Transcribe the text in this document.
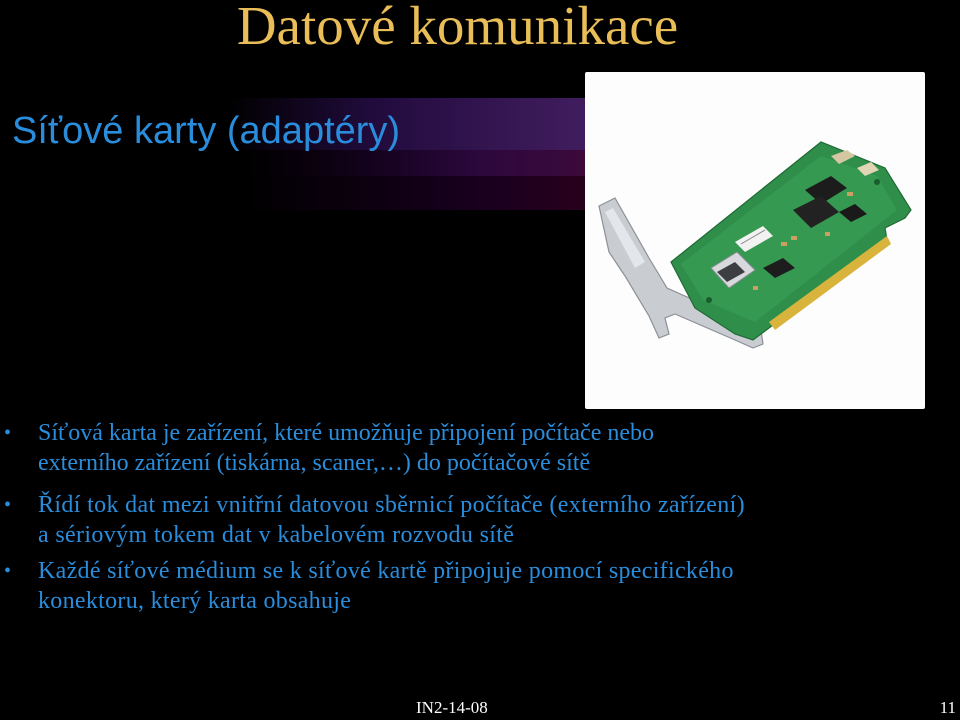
Datové komunikace
Síťové karty (adaptéry)
•	Síťová karta je zařízení, které umožňuje připojení počítače nebo
externího zařízení (tiskárna, scaner,…) do počítačové sítě
•	Řídí tok dat mezi vnitřní datovou sběrnicí počítače (externího zařízení)
a sériovým tokem dat v kabelovém rozvodu sítě
•	Každé síťové médium se k síťové kartě připojuje pomocí specifického
konektoru, který karta obsahuje
IN2-14-08	11
